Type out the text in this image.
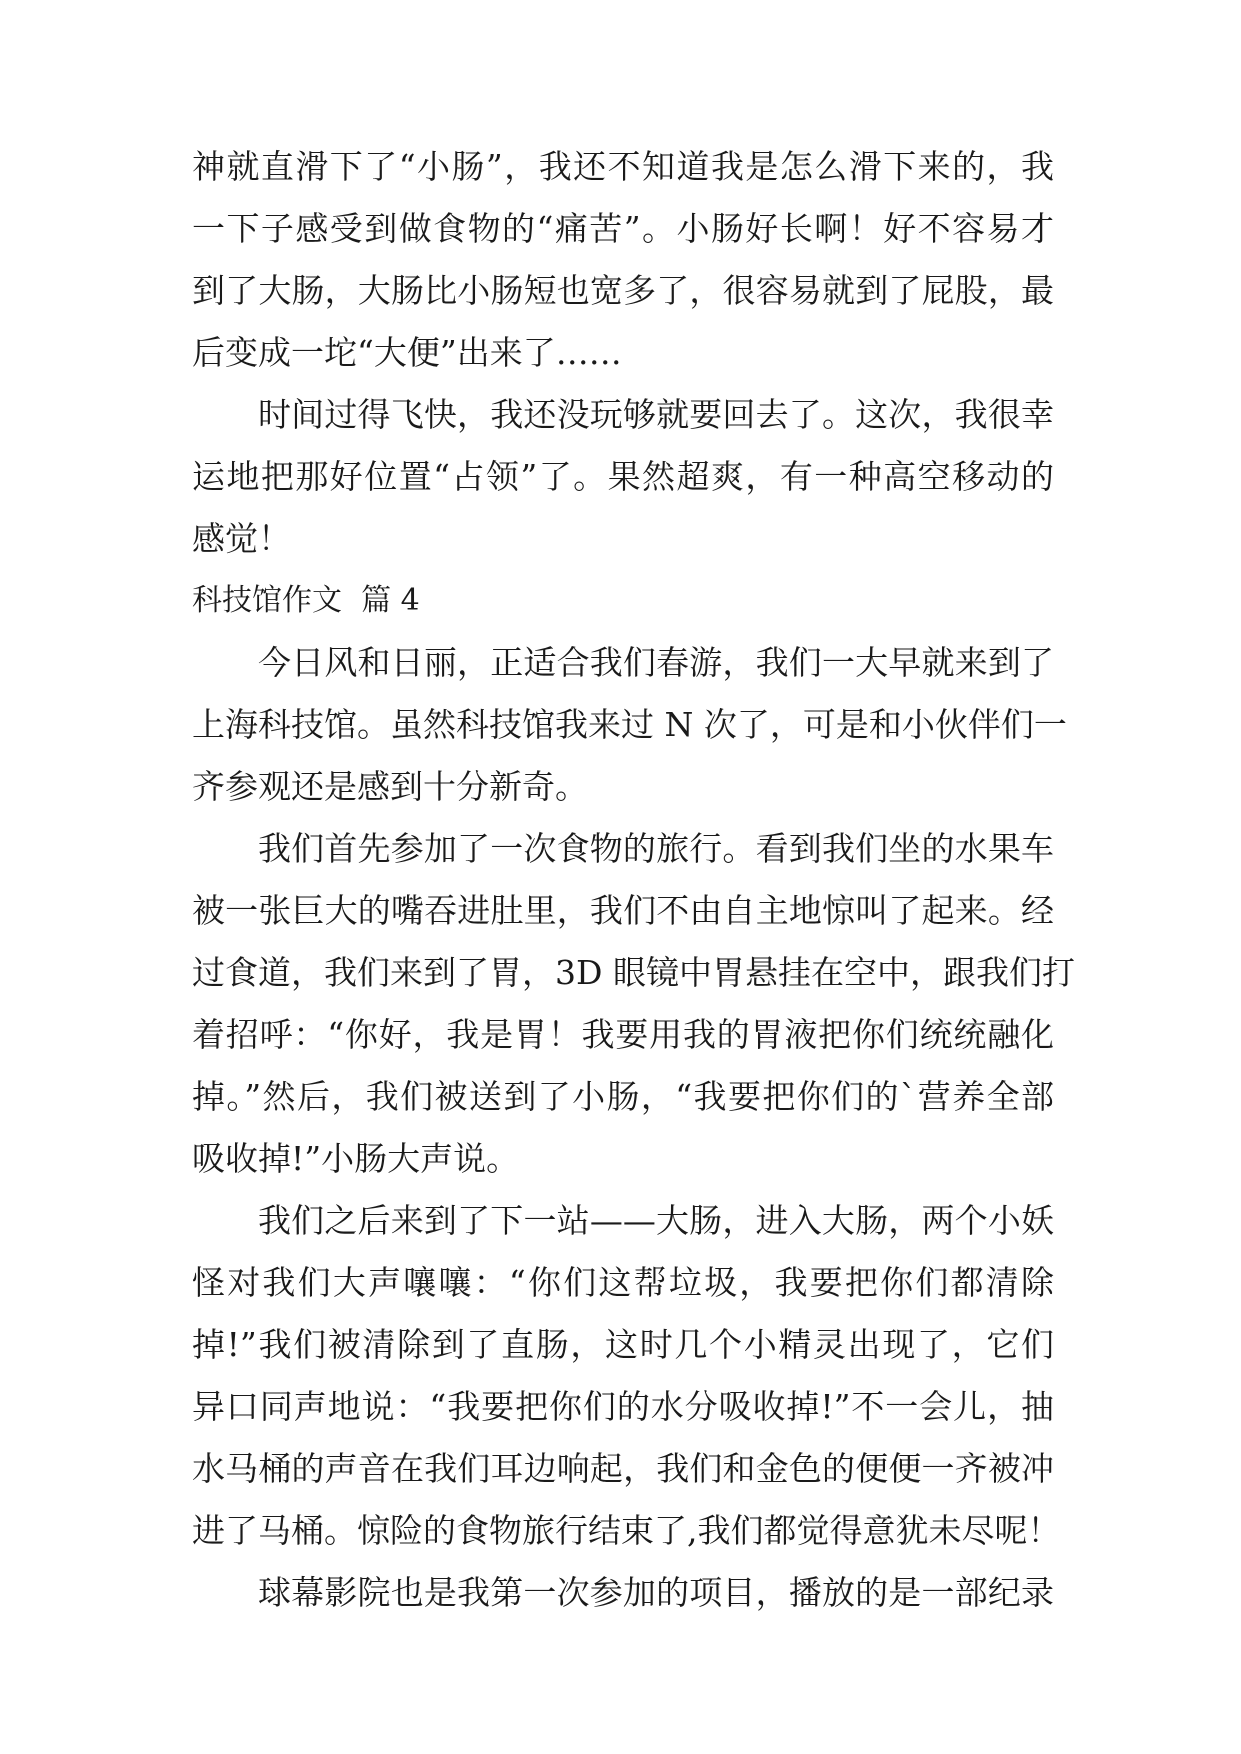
神就直滑下了“小肠”，我还不知道我是怎么滑下来的，我
一下子感受到做食物的“痛苦”。小肠好长啊！好不容易才
到了大肠，大肠比小肠短也宽多了，很容易就到了屁股，最
后变成一坨“大便”出来了……
时间过得飞快，我还没玩够就要回去了。这次，我很幸
运地把那好位置“占领”了。果然超爽，有一种高空移动的
感觉！
科技馆作文  篇 4
今日风和日丽，正适合我们春游，我们一大早就来到了
上海科技馆。虽然科技馆我来过 N 次了，可是和小伙伴们一
齐参观还是感到十分新奇。
我们首先参加了一次食物的旅行。看到我们坐的水果车
被一张巨大的嘴吞进肚里，我们不由自主地惊叫了起来。经
过食道，我们来到了胃，3D 眼镜中胃悬挂在空中，跟我们打
着招呼：“你好，我是胃！我要用我的胃液把你们统统融化
掉。”然后，我们被送到了小肠，“我要把你们的`营养全部
吸收掉!”小肠大声说。
我们之后来到了下一站——大肠，进入大肠，两个小妖
怪对我们大声嚷嚷：“你们这帮垃圾，我要把你们都清除
掉!”我们被清除到了直肠，这时几个小精灵出现了，它们
异口同声地说：“我要把你们的水分吸收掉!”不一会儿，抽
水马桶的声音在我们耳边响起，我们和金色的便便一齐被冲
进了马桶。惊险的食物旅行结束了,我们都觉得意犹未尽呢！
球幕影院也是我第一次参加的项目，播放的是一部纪录
